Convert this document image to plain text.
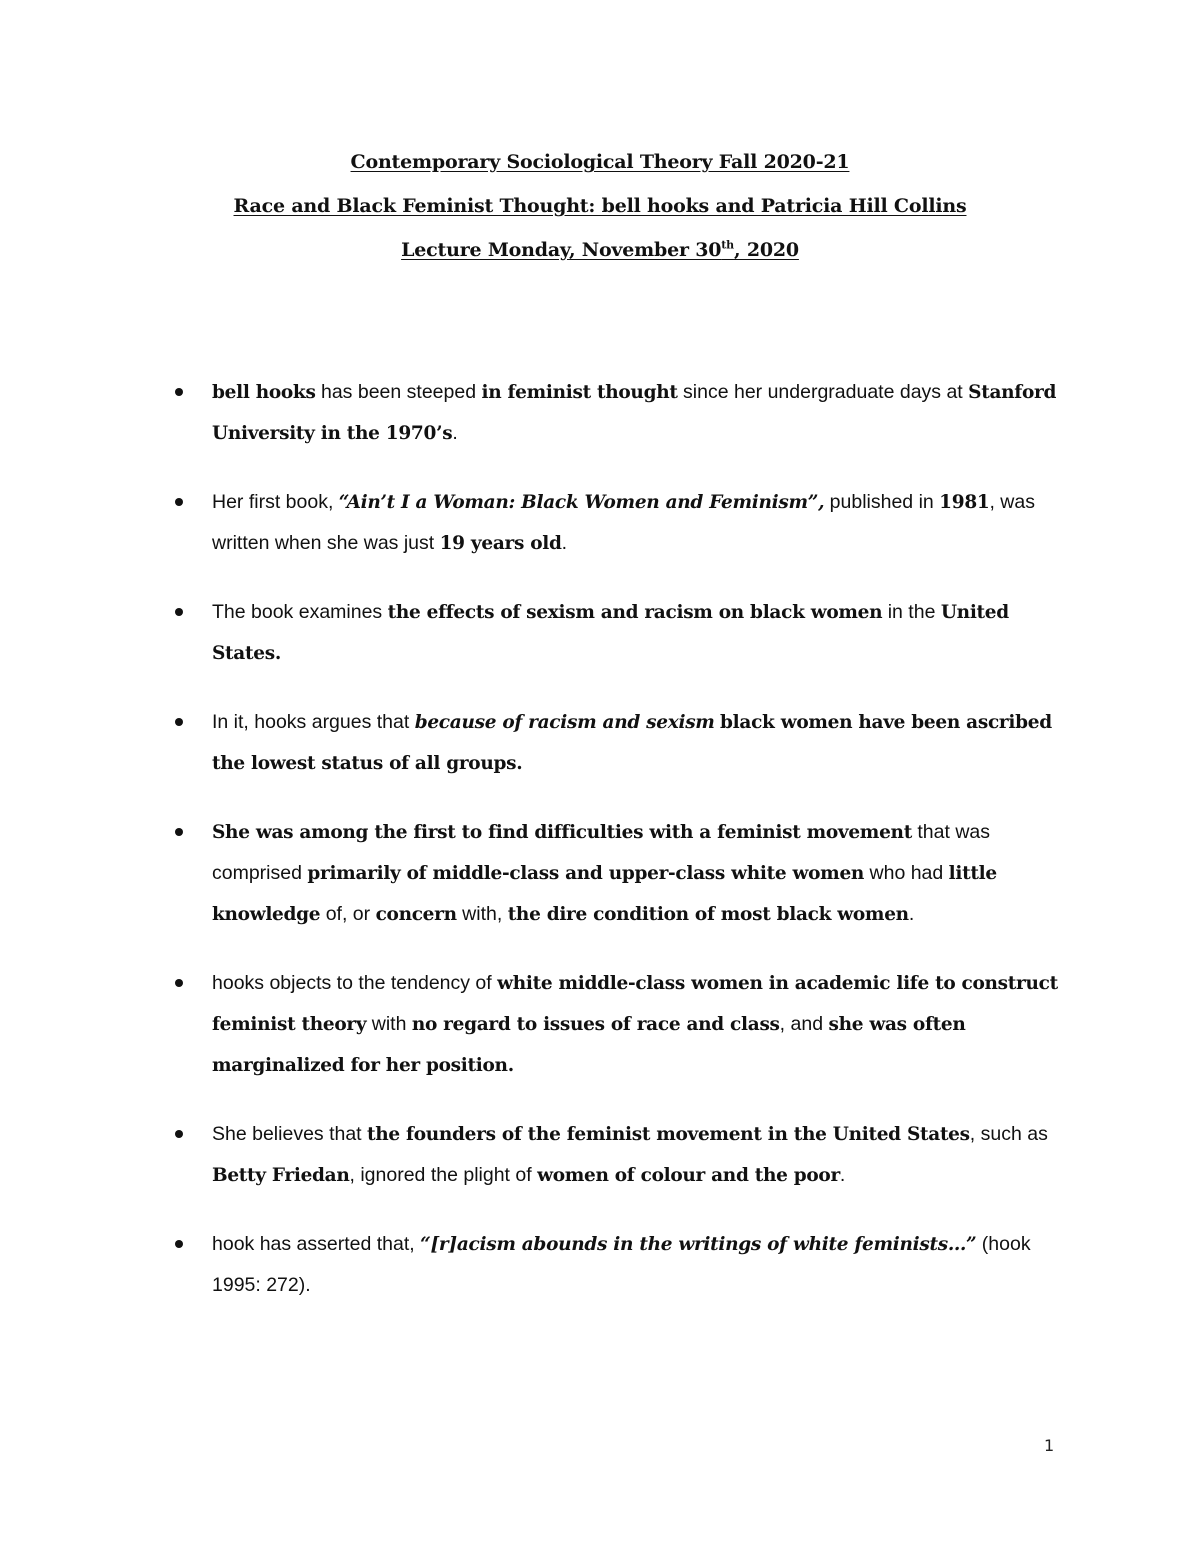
Contemporary Sociological Theory Fall 2020-21
Race and Black Feminist Thought: bell hooks and Patricia Hill Collins
Lecture Monday, November 30th, 2020
bell hooks has been steeped in feminist thought since her undergraduate days at Stanford University in the 1970’s.
Her first book, “Ain’t I a Woman: Black Women and Feminism”, published in 1981, was written when she was just 19 years old.
The book examines the effects of sexism and racism on black women in the United States.
In it, hooks argues that because of racism and sexism black women have been ascribed the lowest status of all groups.
She was among the first to find difficulties with a feminist movement that was comprised primarily of middle-class and upper-class white women who had little knowledge of, or concern with, the dire condition of most black women.
hooks objects to the tendency of white middle-class women in academic life to construct feminist theory with no regard to issues of race and class, and she was often marginalized for her position.
She believes that the founders of the feminist movement in the United States, such as Betty Friedan, ignored the plight of women of colour and the poor.
hook has asserted that, “[r]acism abounds in the writings of white feminists…” (hook 1995: 272).
1
